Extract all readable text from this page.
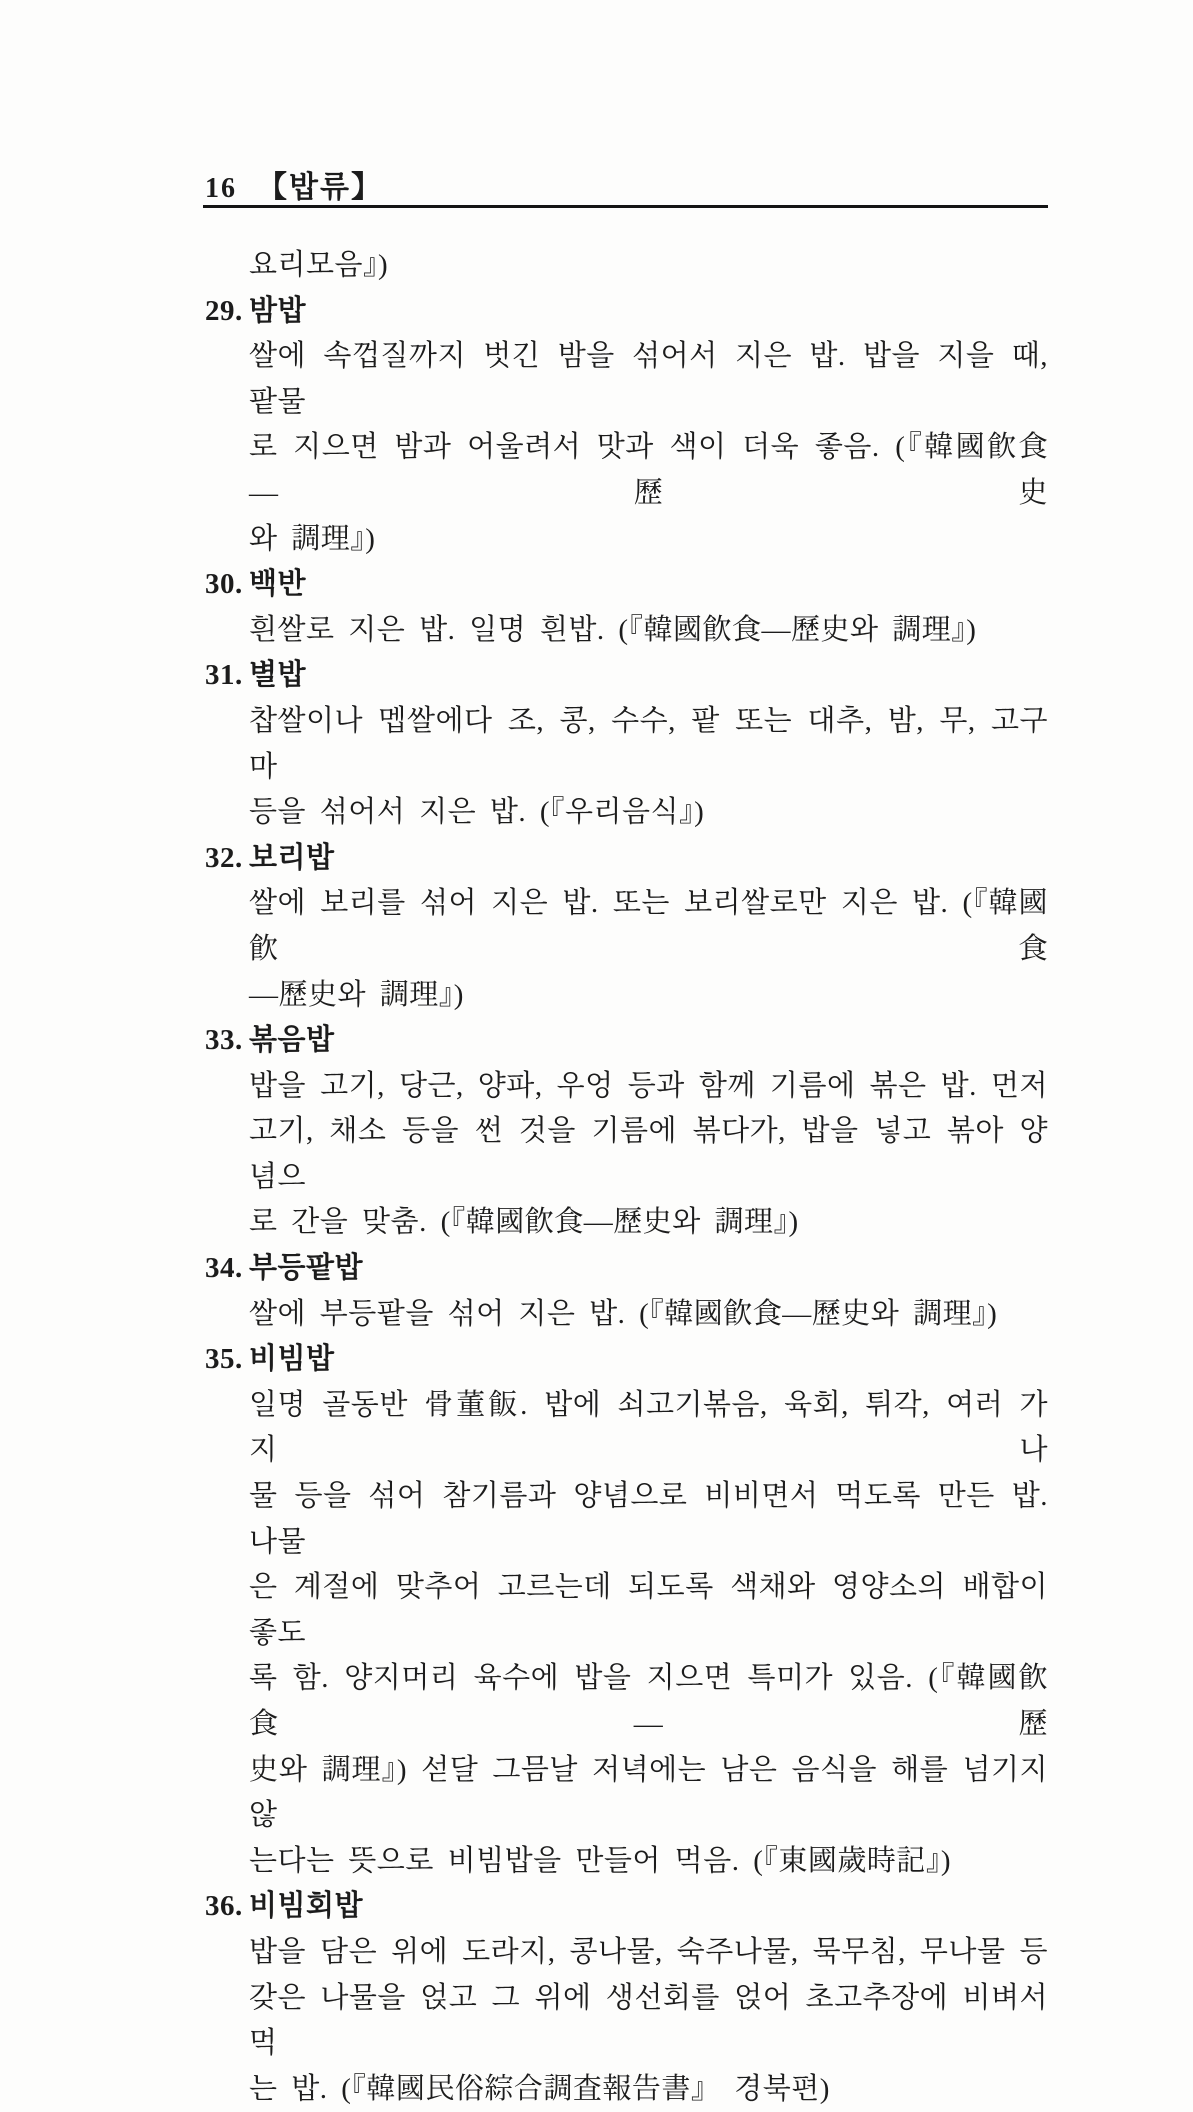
16 【밥류】
요리모음』)
29. 밤밥
쌀에 속껍질까지 벗긴 밤을 섞어서 지은 밥. 밥을 지을 때, 팥물
로 지으면 밤과 어울려서 맛과 색이 더욱 좋음. (『韓國飮食—歷史
와 調理』)
30. 백반
흰쌀로 지은 밥. 일명 흰밥. (『韓國飮食—歷史와 調理』)
31. 별밥
찹쌀이나 멥쌀에다 조, 콩, 수수, 팥 또는 대추, 밤, 무, 고구마
등을 섞어서 지은 밥. (『우리음식』)
32. 보리밥
쌀에 보리를 섞어 지은 밥. 또는 보리쌀로만 지은 밥. (『韓國飮食
—歷史와 調理』)
33. 볶음밥
밥을 고기, 당근, 양파, 우엉 등과 함께 기름에 볶은 밥. 먼저
고기, 채소 등을 썬 것을 기름에 볶다가, 밥을 넣고 볶아 양념으
로 간을 맞춤. (『韓國飮食—歷史와 調理』)
34. 부등팥밥
쌀에 부등팥을 섞어 지은 밥. (『韓國飮食—歷史와 調理』)
35. 비빔밥
일명 골동반 骨董飯. 밥에 쇠고기볶음, 육회, 튀각, 여러 가지 나
물 등을 섞어 참기름과 양념으로 비비면서 먹도록 만든 밥. 나물
은 계절에 맞추어 고르는데 되도록 색채와 영양소의 배합이 좋도
록 함. 양지머리 육수에 밥을 지으면 특미가 있음. (『韓國飮食—歷
史와 調理』) 섣달 그믐날 저녁에는 남은 음식을 해를 넘기지 않
는다는 뜻으로 비빔밥을 만들어 먹음. (『東國歲時記』)
36. 비빔회밥
밥을 담은 위에 도라지, 콩나물, 숙주나물, 묵무침, 무나물 등
갖은 나물을 얹고 그 위에 생선회를 얹어 초고추장에 비벼서 먹
는 밥. (『韓國民俗綜合調査報告書』 경북편)
